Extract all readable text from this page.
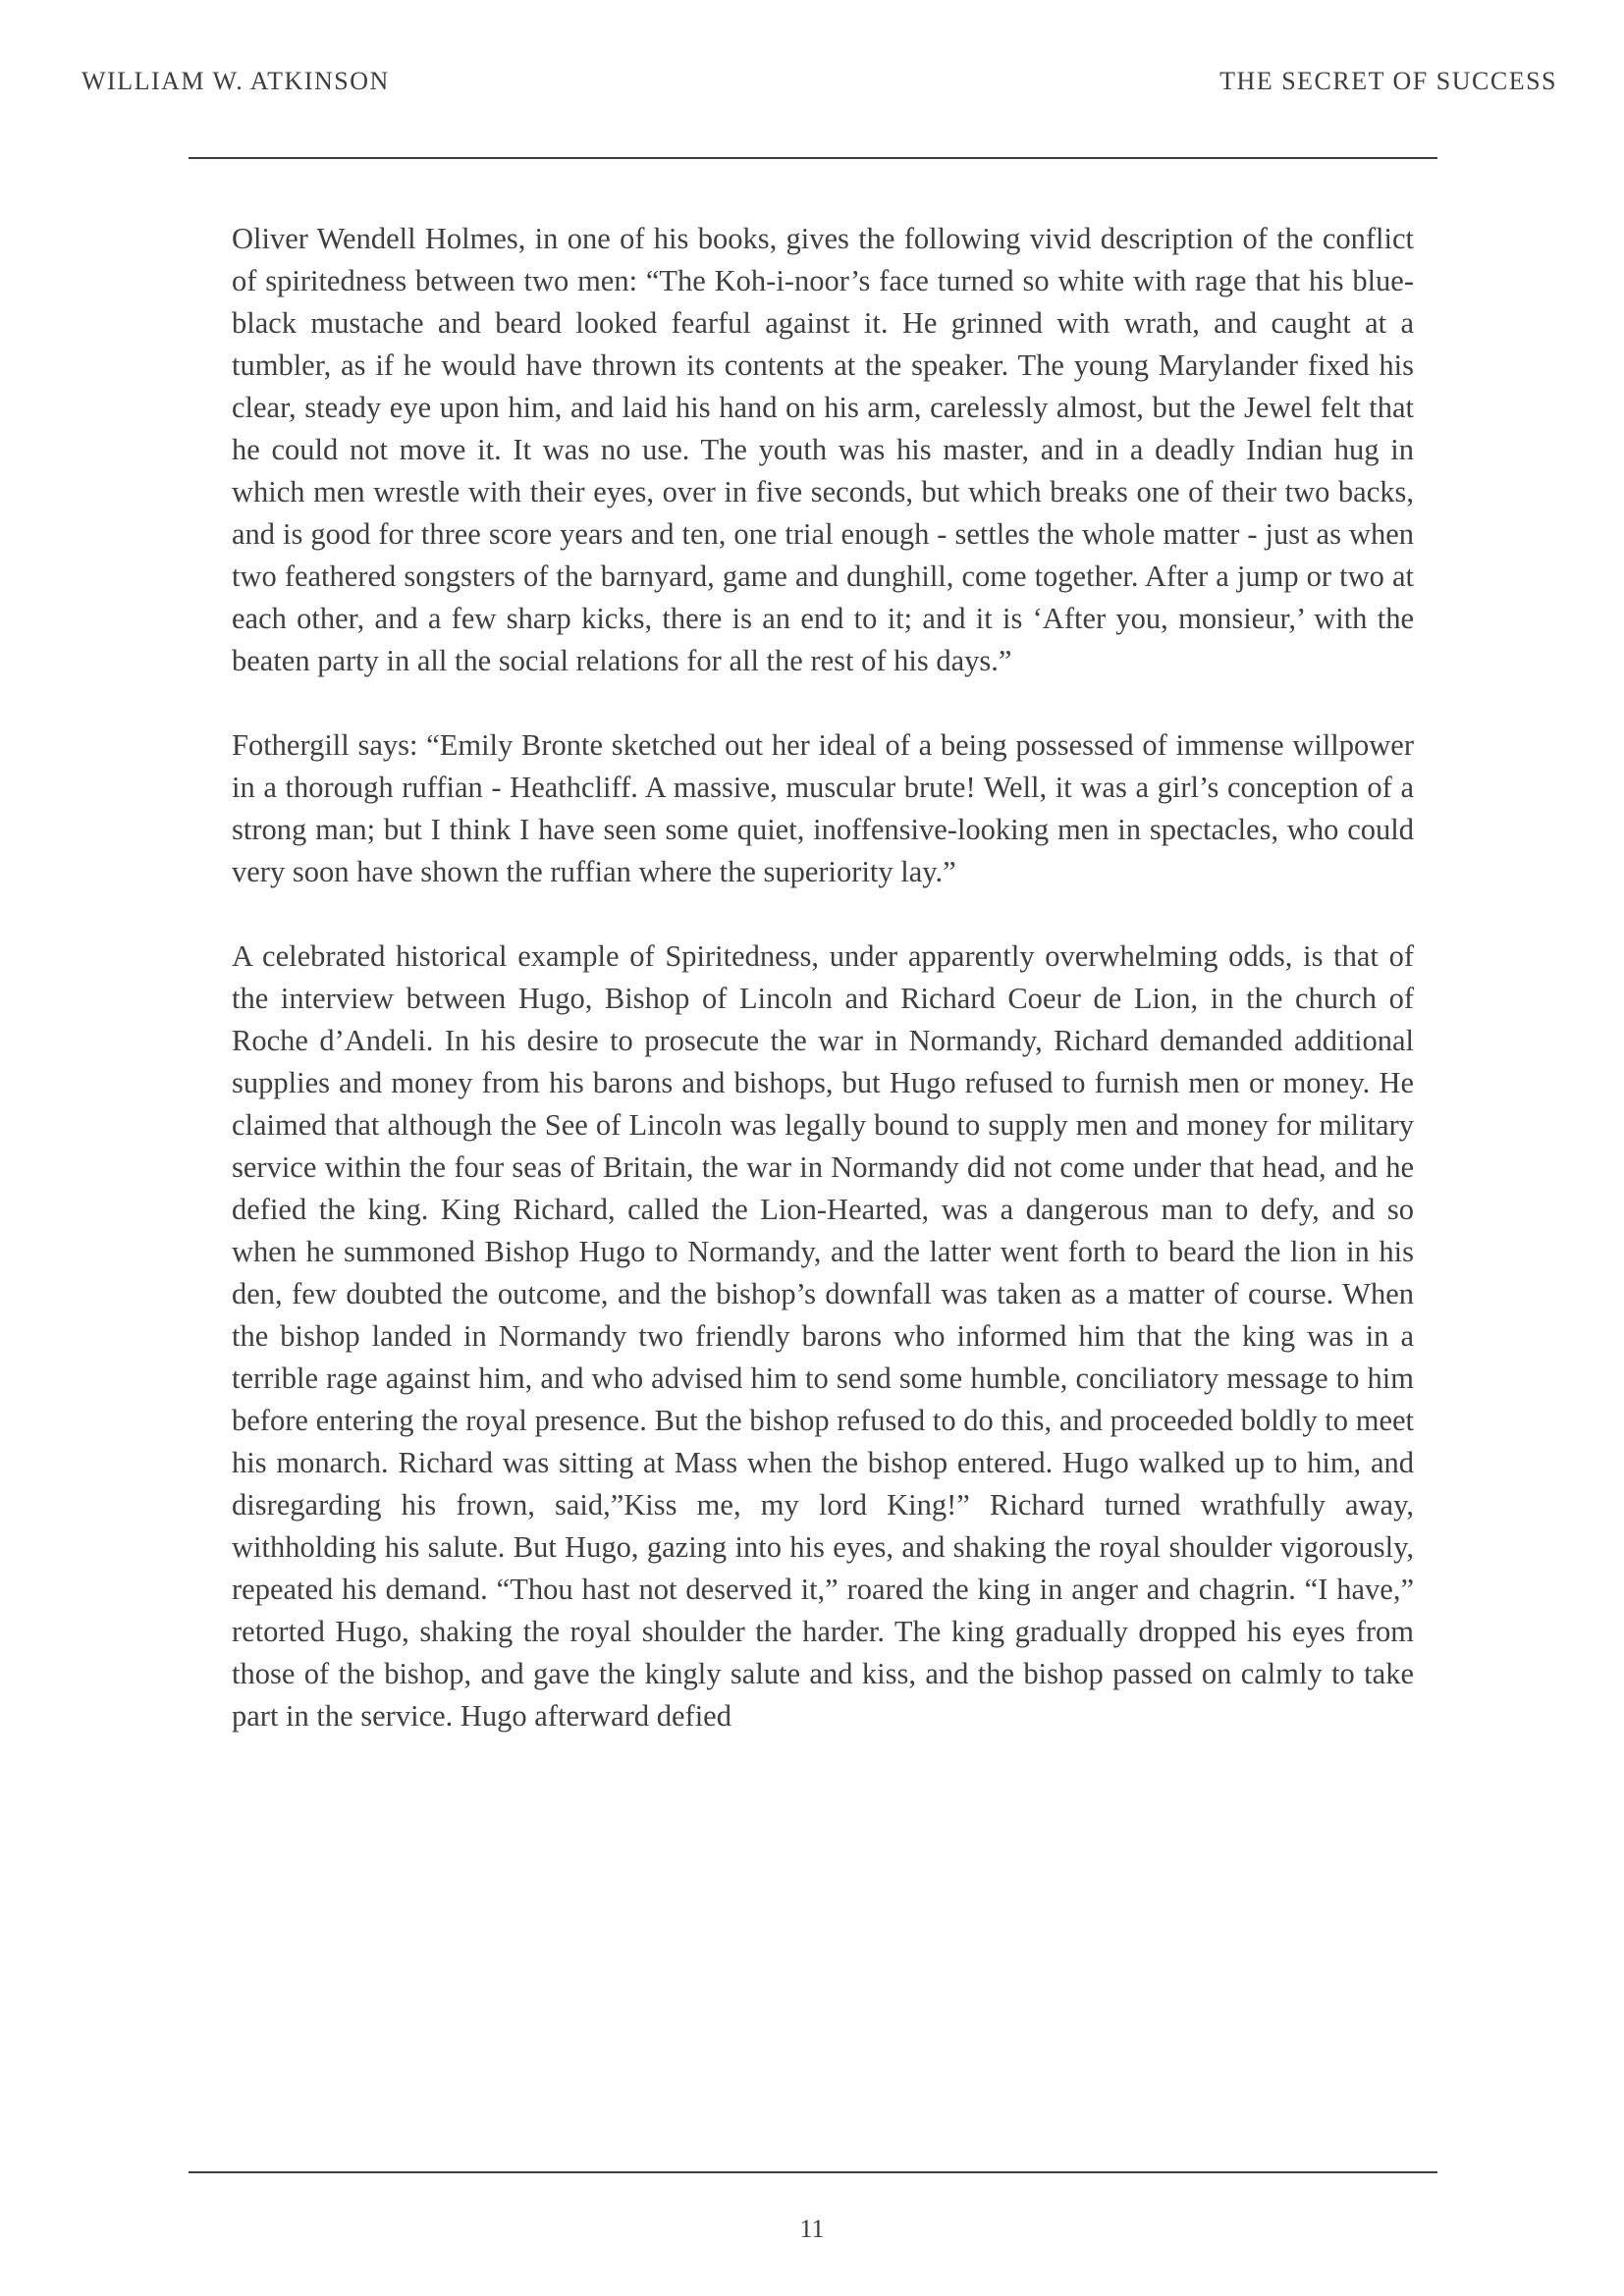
WILLIAM W. ATKINSON	THE SECRET OF SUCCESS

Oliver Wendell Holmes, in one of his books, gives the following vivid description of the conflict of spiritedness between two men: “The Koh-i-noor’s face turned so white with rage that his blue-black mustache and beard looked fearful against it. He grinned with wrath, and caught at a tumbler, as if he would have thrown its contents at the speaker. The young Marylander fixed his clear, steady eye upon him, and laid his hand on his arm, carelessly almost, but the Jewel felt that he could not move it. It was no use. The youth was his master, and in a deadly Indian hug in which men wrestle with their eyes, over in five seconds, but which breaks one of their two backs, and is good for three score years and ten, one trial enough - settles the whole matter - just as when two feathered songsters of the barnyard, game and dunghill, come together. After a jump or two at each other, and a few sharp kicks, there is an end to it; and it is ‘After you, monsieur,’ with the beaten party in all the social relations for all the rest of his days.”

Fothergill says: “Emily Bronte sketched out her ideal of a being possessed of immense willpower in a thorough ruffian - Heathcliff. A massive, muscular brute! Well, it was a girl’s conception of a strong man; but I think I have seen some quiet, inoffensive-looking men in spectacles, who could very soon have shown the ruffian where the superiority lay.”

A celebrated historical example of Spiritedness, under apparently overwhelming odds, is that of the interview between Hugo, Bishop of Lincoln and Richard Coeur de Lion, in the church of Roche d’Andeli. In his desire to prosecute the war in Normandy, Richard demanded additional supplies and money from his barons and bishops, but Hugo refused to furnish men or money. He claimed that although the See of Lincoln was legally bound to supply men and money for military service within the four seas of Britain, the war in Normandy did not come under that head, and he defied the king. King Richard, called the Lion-Hearted, was a dangerous man to defy, and so when he summoned Bishop Hugo to Normandy, and the latter went forth to beard the lion in his den, few doubted the outcome, and the bishop’s downfall was taken as a matter of course. When the bishop landed in Normandy two friendly barons who informed him that the king was in a terrible rage against him, and who advised him to send some humble, conciliatory message to him before entering the royal presence. But the bishop refused to do this, and proceeded boldly to meet his monarch. Richard was sitting at Mass when the bishop entered. Hugo walked up to him, and disregarding his frown, said,”Kiss me, my lord King!” Richard turned wrathfully away, withholding his salute. But Hugo, gazing into his eyes, and shaking the royal shoulder vigorously, repeated his demand. “Thou hast not deserved it,” roared the king in anger and chagrin. “I have,” retorted Hugo, shaking the royal shoulder the harder. The king gradually dropped his eyes from those of the bishop, and gave the kingly salute and kiss, and the bishop passed on calmly to take part in the service. Hugo afterward defied

11
